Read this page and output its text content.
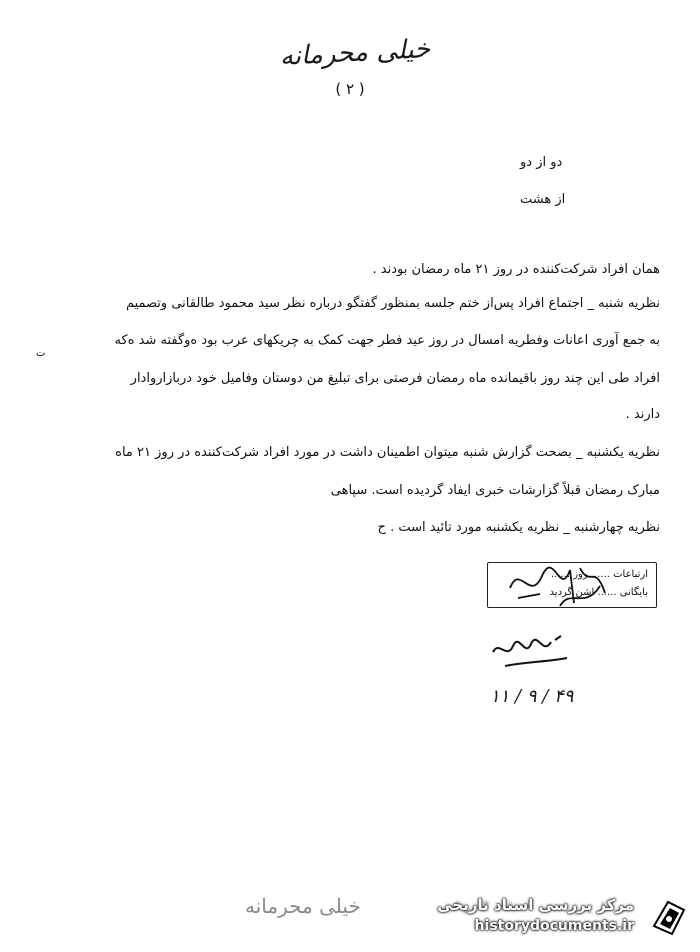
خیلی محرمانه
( ۲ )
دو از دو
از هشت
همان افراد شرکت‌کننده در روز ۲۱ ماه رمضان بودند .
نظریه شنبه _ اجتماع افراد پس‌از ختم جلسه بمنظور گفتگو درباره نظر سید محمود طالقانی وتصمیم
به جمع آوری اعانات وفطریه امسال در روز عید فطر جهت کمک به چریکهای عرب بود ه‌وگفته شد ه‌که
ت
افراد طی این چند روز باقیمانده ماه رمضان فرصتی برای تبلیغ من دوستان وفامیل خود دربازاروادار
دارند .
نظریه یکشنبه _ بصحت گزارش شنبه میتوان اطمینان داشت در مورد افراد شرکت‌کننده در روز ۲۱ ماه
مبارک رمضان قبلاً گزارشات خبری ایفاد گردیده است. سپاهی
نظریه چهارشنبه _ نظریه یکشنبه مورد تائید است . ح
ارتباعات ...... روز ......
بایگانی ...... اشن گردید
۱۱ / ۹ / ۴۹
خیلی محرمانه	مرکز بررسی اسناد تاریخی
historydocuments.ir
